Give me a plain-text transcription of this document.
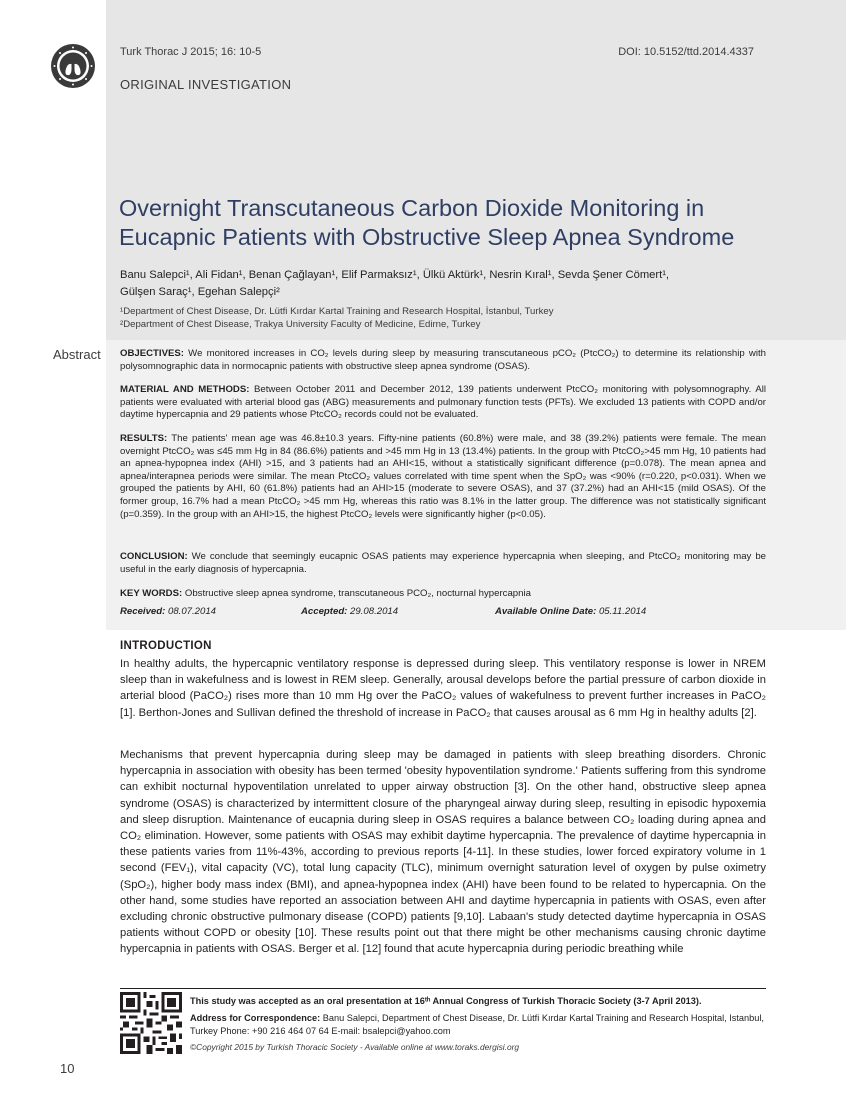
Turk Thorac J 2015; 16: 10-5	DOI: 10.5152/ttd.2014.4337
ORIGINAL INVESTIGATION
Overnight Transcutaneous Carbon Dioxide Monitoring in
Eucapnic Patients with Obstructive Sleep Apnea Syndrome
Banu Salepci¹, Ali Fidan¹, Benan Çağlayan¹, Elif Parmaksız¹, Ülkü Aktürk¹, Nesrin Kıral¹, Sevda Şener Cömert¹,
Gülşen Saraç¹, Egehan Salepçi²
¹Department of Chest Disease, Dr. Lütfi Kırdar Kartal Training and Research Hospital, İstanbul, Turkey
²Department of Chest Disease, Trakya University Faculty of Medicine, Edirne, Turkey
Abstract OBJECTIVES: We monitored increases in CO₂ levels during sleep by measuring transcutaneous pCO₂ (PtcCO₂) to determine its relationship with polysomnographic data in normocapnic patients with obstructive sleep apnea syndrome (OSAS).
MATERIAL AND METHODS: Between October 2011 and December 2012, 139 patients underwent PtcCO₂ monitoring with polysomnography. All patients were evaluated with arterial blood gas (ABG) measurements and pulmonary function tests (PFTs). We excluded 13 patients with COPD and/or daytime hypercapnia and 29 patients whose PtcCO₂ records could not be evaluated.
RESULTS: The patients' mean age was 46.8±10.3 years. Fifty-nine patients (60.8%) were male, and 38 (39.2%) patients were female. The mean overnight PtcCO₂ was ≤45 mm Hg in 84 (86.6%) patients and >45 mm Hg in 13 (13.4%) patients. In the group with PtcCO₂>45 mm Hg, 10 patients had an apnea-hypopnea index (AHI) >15, and 3 patients had an AHI<15, without a statistically significant difference (p=0.078). The mean apnea and apnea/interapnea periods were similar. The mean PtcCO₂ values correlated with time spent when the SpO₂ was <90% (r=0.220, p<0.031). When we grouped the patients by AHI, 60 (61.8%) patients had an AHI>15 (moderate to severe OSAS), and 37 (37.2%) had an AHI<15 (mild OSAS). Of the former group, 16.7% had a mean PtcCO₂ >45 mm Hg, whereas this ratio was 8.1% in the latter group. The difference was not statistically significant (p=0.359). In the group with an AHI>15, the highest PtcCO₂ levels were significantly higher (p<0.05).
CONCLUSION: We conclude that seemingly eucapnic OSAS patients may experience hypercapnia when sleeping, and PtcCO₂ monitoring may be useful in the early diagnosis of hypercapnia.
KEY WORDS: Obstructive sleep apnea syndrome, transcutaneous PCO₂, nocturnal hypercapnia
Received: 08.07.2014	Accepted: 29.08.2014	Available Online Date: 05.11.2014
INTRODUCTION
In healthy adults, the hypercapnic ventilatory response is depressed during sleep. This ventilatory response is lower in NREM sleep than in wakefulness and is lowest in REM sleep. Generally, arousal develops before the partial pressure of carbon dioxide in arterial blood (PaCO₂) rises more than 10 mm Hg over the PaCO₂ values of wakefulness to prevent further increases in PaCO₂ [1]. Berthon-Jones and Sullivan defined the threshold of increase in PaCO₂ that causes arousal as 6 mm Hg in healthy adults [2].
Mechanisms that prevent hypercapnia during sleep may be damaged in patients with sleep breathing disorders. Chronic hypercapnia in association with obesity has been termed 'obesity hypoventilation syndrome.' Patients suffering from this syndrome can exhibit nocturnal hypoventilation unrelated to upper airway obstruction [3]. On the other hand, obstructive sleep apnea syndrome (OSAS) is characterized by intermittent closure of the pharyngeal airway during sleep, resulting in episodic hypoxemia and sleep disruption. Maintenance of eucapnia during sleep in OSAS requires a balance between CO₂ loading during apnea and CO₂ elimination. However, some patients with OSAS may exhibit daytime hypercapnia. The prevalence of daytime hypercapnia in these patients varies from 11%-43%, according to previous reports [4-11]. In these studies, lower forced expiratory volume in 1 second (FEV₁), vital capacity (VC), total lung capacity (TLC), minimum overnight saturation level of oxygen by pulse oximetry (SpO₂), higher body mass index (BMI), and apnea-hypopnea index (AHI) have been found to be related to hypercapnia. On the other hand, some studies have reported an association between AHI and daytime hypercapnia in patients with OSAS, even after excluding chronic obstructive pulmonary disease (COPD) patients [9,10]. Labaan's study detected daytime hypercapnia in OSAS patients without COPD or obesity [10]. These results point out that there might be other mechanisms causing chronic daytime hypercapnia in patients with OSAS. Berger et al. [12] found that acute hypercapnia during periodic breathing while
This study was accepted as an oral presentation at 16ᵗʰ Annual Congress of Turkish Thoracic Society (3-7 April 2013).
Address for Correspondence: Banu Salepci, Department of Chest Disease, Dr. Lütfi Kırdar Kartal Training and Research Hospital, Istanbul, Turkey Phone: +90 216 464 07 64 E-mail: bsalepci@yahoo.com
©Copyright 2015 by Turkish Thoracic Society - Available online at www.toraks.dergisi.org
10
